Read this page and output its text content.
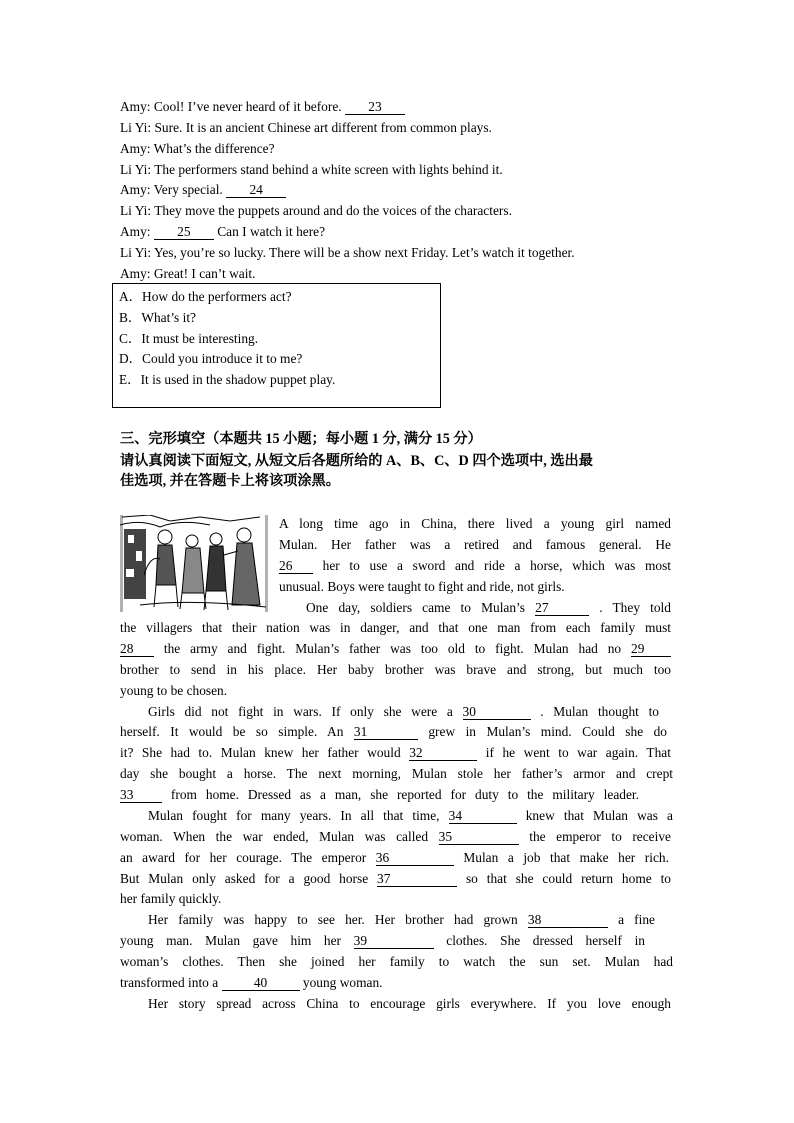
Amy: Cool! I’ve never heard of it before. 23
Li Yi: Sure. It is an ancient Chinese art different from common plays.
Amy: What’s the difference?
Li Yi: The performers stand behind a white screen with lights behind it.
Amy: Very special. 24
Li Yi: They move the puppets around and do the voices of the characters.
Amy: 25 Can I watch it here?
Li Yi: Yes, you’re so lucky. There will be a show next Friday. Let’s watch it together.
Amy: Great! I can’t wait.
A．How do the performers act?
B．What’s it?
C．It must be interesting.
D．Could you introduce it to me?
E．It is used in the shadow puppet play.
三、完形填空（本题共 15 小题；每小题 1 分, 满分 15 分）
请认真阅读下面短文, 从短文后各题所给的 A、B、C、D 四个选项中, 选出最
佳选项, 并在答题卡上将该项涂黑。
A long time ago in China, there lived a young girl named
Mulan. Her father was a retired and famous general. He
26 her to use a sword and ride a horse, which was most
unusual. Boys were taught to fight and ride, not girls.
One day, soldiers came to Mulan’s 27	. They told
the villagers that their nation was in danger, and that one man from each family must
28 the army and fight. Mulan’s father was too old to fight. Mulan had no 29
brother to send in his place. Her baby brother was brave and strong, but much too
young to be chosen.
Girls did not fight in wars. If only she were a 30	. Mulan thought to
herself. It would be so simple. An 31	grew in Mulan’s mind. Could she do
it? She had to. Mulan knew her father would 32	if he went to war again. That
day she bought a horse. The next morning, Mulan stole her father’s armor and crept
33	from home. Dressed as a man, she reported for duty to the military leader.
Mulan fought for many years. In all that time, 34	knew that Mulan was a
woman. When the war ended, Mulan was called 35	the emperor to receive
an award for her courage. The emperor 36	Mulan a job that make her rich.
But Mulan only asked for a good horse 37	so that she could return home to
her family quickly.
Her family was happy to see her. Her brother had grown 38	a fine
young man. Mulan gave him her 39	clothes. She dressed herself in
woman’s clothes. Then she joined her family to watch the sun set. Mulan had
transformed into a	40	young woman.
Her story spread across China to encourage girls everywhere. If you love enough
